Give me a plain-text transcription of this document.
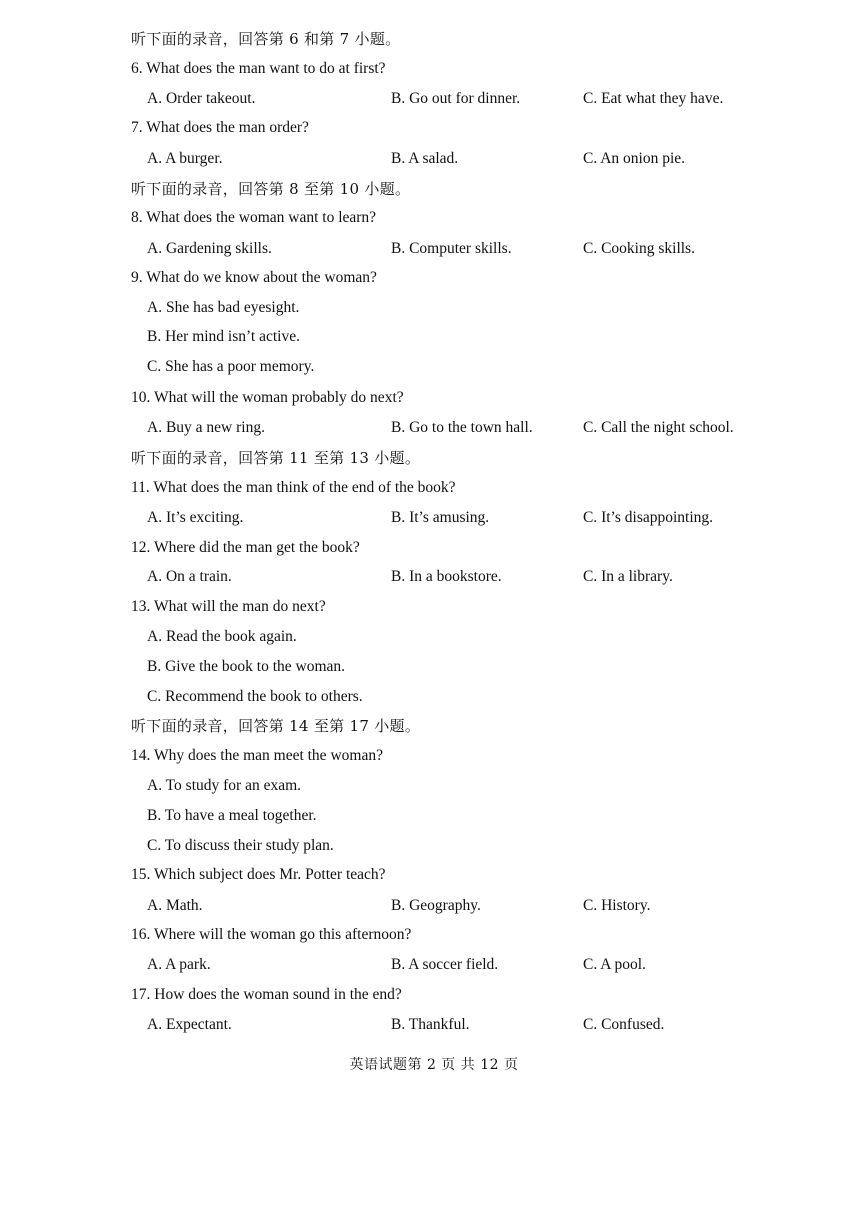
听下面的录音，回答第 6 和第 7 小题。
6. What does the man want to do at first?
A. Order takeout.	B. Go out for dinner.	C. Eat what they have.
7. What does the man order?
A. A burger.	B. A salad.	C. An onion pie.
听下面的录音，回答第 8 至第 10 小题。
8. What does the woman want to learn?
A. Gardening skills.	B. Computer skills.	C. Cooking skills.
9. What do we know about the woman?
A. She has bad eyesight.
B. Her mind isn’t active.
C. She has a poor memory.
10. What will the woman probably do next?
A. Buy a new ring.	B. Go to the town hall.	C. Call the night school.
听下面的录音，回答第 11 至第 13 小题。
11. What does the man think of the end of the book?
A. It’s exciting.	B. It’s amusing.	C. It’s disappointing.
12. Where did the man get the book?
A. On a train.	B. In a bookstore.	C. In a library.
13. What will the man do next?
A. Read the book again.
B. Give the book to the woman.
C. Recommend the book to others.
听下面的录音，回答第 14 至第 17 小题。
14. Why does the man meet the woman?
A. To study for an exam.
B. To have a meal together.
C. To discuss their study plan.
15. Which subject does Mr. Potter teach?
A. Math.	B. Geography.	C. History.
16. Where will the woman go this afternoon?
A. A park.	B. A soccer field.	C. A pool.
17. How does the woman sound in the end?
A. Expectant.	B. Thankful.	C. Confused.
英语试题第 2 页 共 12 页
